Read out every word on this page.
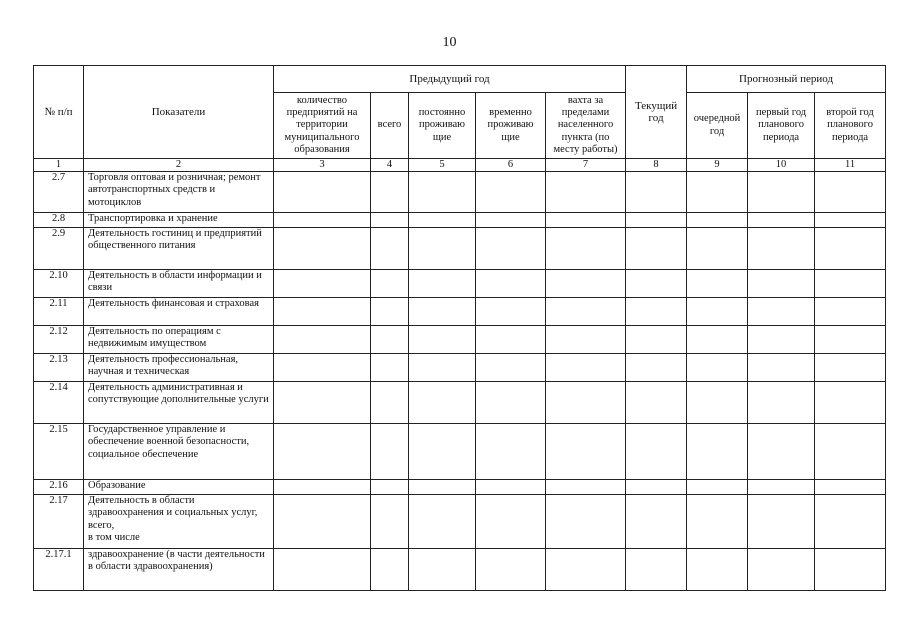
10
№ п/п	Показатели	Предыдущий год					Текущий год	Прогнозный период		
		количество предприятий на территории муниципального образования	всего	постоянно проживаю щие	временно проживаю щие	вахта за пределами населенного пункта (по месту работы)		очередной год	первый год планового периода	второй год планового периода
1	2	3	4	5	6	7	8	9	10	11
2.7	Торговля оптовая и розничная; ремонт автотранспортных средств и мотоциклов									
2.8	Транспортировка и хранение									
2.9	Деятельность гостиниц и предприятий общественного питания									
2.10	Деятельность в области информации и связи									
2.11	Деятельность финансовая и страховая									
2.12	Деятельность по операциям с недвижимым имуществом									
2.13	Деятельность профессиональная, научная и техническая									
2.14	Деятельность административная и сопутствующие дополнительные услуги									
2.15	Государственное управление и обеспечение военной безопасности, социальное обеспечение									
2.16	Образование									
2.17	Деятельность в области здравоохранения и социальных услуг, всего,
в том числе									
2.17.1	здравоохранение (в части деятельности в области здравоохранения)									
